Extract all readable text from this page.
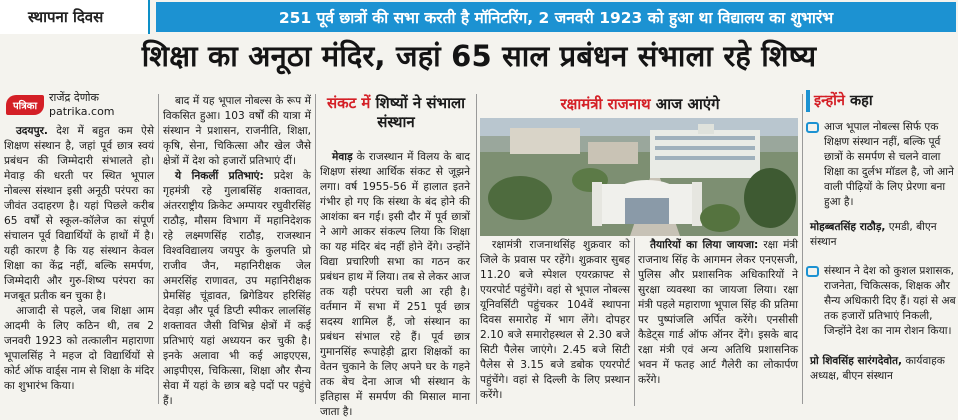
स्थापना दिवस	251 पूर्व छात्रों की सभा करती है मॉनिटरिंग, 2 जनवरी 1923 को हुआ था विद्यालय का शुभारंभ
शिक्षा का अनूठा मंदिर, जहां 65 साल प्रबंधन संभाला रहे शिष्य
पत्रिका
राजेंद्र देणोक
patrika.com

उदयपुर. देश में बहुत कम ऐसे शिक्षण संस्थान है, जहां पूर्व छात्र स्वयं प्रबंधन की जिम्मेदारी संभालते हो। मेवाड़ की धरती पर स्थित भूपाल नोबल्स संस्थान इसी अनूठी परंपरा का जीवंत उदाहरण है। यहां पिछले करीब 65 वर्षों से स्कूल-कॉलेज का संपूर्ण संचालन पूर्व विद्यार्थियों के हाथों में है। यही कारण है कि यह संस्थान केवल शिक्षा का केंद्र नहीं, बल्कि समर्पण, जिम्मेदारी और गुरु-शिष्य परंपरा का मजबूत प्रतीक बन चुका है।

आजादी से पहले, जब शिक्षा आम आदमी के लिए कठिन थी, तब 2 जनवरी 1923 को तत्कालीन महाराणा भूपालसिंह ने महज दो विद्यार्थियों से कोर्ट ऑफ वार्ड्स नाम से शिक्षा के मंदिर का शुभारंभ किया।

बाद में यह भूपाल नोबल्स के रूप में विकसित हुआ। 103 वर्षों की यात्रा में संस्थान ने प्रशासन, राजनीति, शिक्षा, कृषि, सेना, चिकित्सा और खेल जैसे क्षेत्रों में देश को हजारों प्रतिभाएं दीं।

ये निकलीं प्रतिभाएं: प्रदेश के गृहमंत्री रहे गुलाबसिंह शक्तावत, अंतरराष्ट्रीय क्रिकेट अम्पायर रघुवीरसिंह राठौड़, मौसम विभाग में महानिदेशक रहे लक्ष्मणसिंह राठौड़, राजस्थान विश्वविद्यालय जयपुर के कुलपति प्रो राजीव जैन, महानिरीक्षक जेल अमरसिंह राणावत, उप महानिरीक्षक प्रेमसिंह चूंडावत, ब्रिगेडियर हरिसिंह देवड़ा और पूर्व डिप्टी स्पीकर लालसिंह शक्तावत जैसी विभिन्न क्षेत्रों में कई प्रतिभाएं यहां अध्ययन कर चुकी है। इनके अलावा भी कई आइएएस, आइपीएस, चिकित्सा, शिक्षा और सैन्य सेवा में यहां के छात्र बड़े पदों पर पहुंचे हैं।

संकट में शिष्यों ने संभाला संस्थान

मेवाड़ के राजस्थान में विलय के बाद शिक्षण संस्था आर्थिक संकट से जूझने लगा। वर्ष 1955-56 में हालात इतने गंभीर हो गए कि संस्था के बंद होने की आशंका बन गई। इसी दौर में पूर्व छात्रों ने आगे आकर संकल्प लिया कि शिक्षा का यह मंदिर बंद नहीं होने देंगे। उन्होंने विद्या प्रचारिणी सभा का गठन कर प्रबंधन हाथ में लिया। तब से लेकर आज तक यही परंपरा चली आ रही है। वर्तमान में सभा में 251 पूर्व छात्र सदस्य शामिल हैं, जो संस्थान का प्रबंधन संभाल रहे हैं। पूर्व छात्र गुमानसिंह रूपाहेड़ी द्वारा शिक्षकों का वेतन चुकाने के लिए अपने घर के गहने तक बेच देना आज भी संस्थान के इतिहास में समर्पण की मिसाल माना जाता है।

रक्षामंत्री राजनाथ आज आएंगे

रक्षामंत्री राजनाथसिंह शुक्रवार को जिले के प्रवास पर रहेंगे। शुक्रवार सुबह 11.20 बजे स्पेशल एयरक्राफ्ट से एयरपोर्ट पहुंचेंगे। वहां से भूपाल नोबल्स यूनिवर्सिटी पहुंचकर 104वें स्थापना दिवस समारोह में भाग लेंगे। दोपहर 2.10 बजे समारोहस्थल से 2.30 बजे सिटी पैलेस जाएंगे। 2.45 बजे सिटी पैलेस से 3.15 बजे डबोक एयरपोर्ट पहुंचेंगे। वहां से दिल्ली के लिए प्रस्थान करेंगे।

तैयारियों का लिया जायजा: रक्षा मंत्री राजनाथ सिंह के आगमन लेकर एनएसजी, पुलिस और प्रशासनिक अधिकारियों ने सुरक्षा व्यवस्था का जायजा लिया। रक्षा मंत्री पहले महाराणा भूपाल सिंह की प्रतिमा पर पुष्पांजलि अर्पित करेंगे। एनसीसी कैडेट्स गार्ड ऑफ ऑनर देंगे। इसके बाद रक्षा मंत्री एवं अन्य अतिथि प्रशासनिक भवन में फतह आर्ट गैलेरी का लोकार्पण करेंगे।

इन्होंने कहा
आज भूपाल नोबल्स सिर्फ एक शिक्षण संस्थान नहीं, बल्कि पूर्व छात्रों के समर्पण से चलने वाला शिक्षा का दुर्लभ मॉडल है, जो आने वाली पीढ़ियों के लिए प्रेरणा बना हुआ है।
मोहब्बतसिंह राठौड़, एमडी, बीएन संस्थान
संस्थान ने देश को कुशल प्रशासक, राजनेता, चिकित्सक, शिक्षक और सैन्य अधिकारी दिए हैं। यहां से अब तक हजारों प्रतिभाएं निकली, जिन्होंने देश का नाम रोशन किया।
प्रो शिवसिंह सारंगदेवोत, कार्यवाहक अध्यक्ष, बीएन संस्थान
